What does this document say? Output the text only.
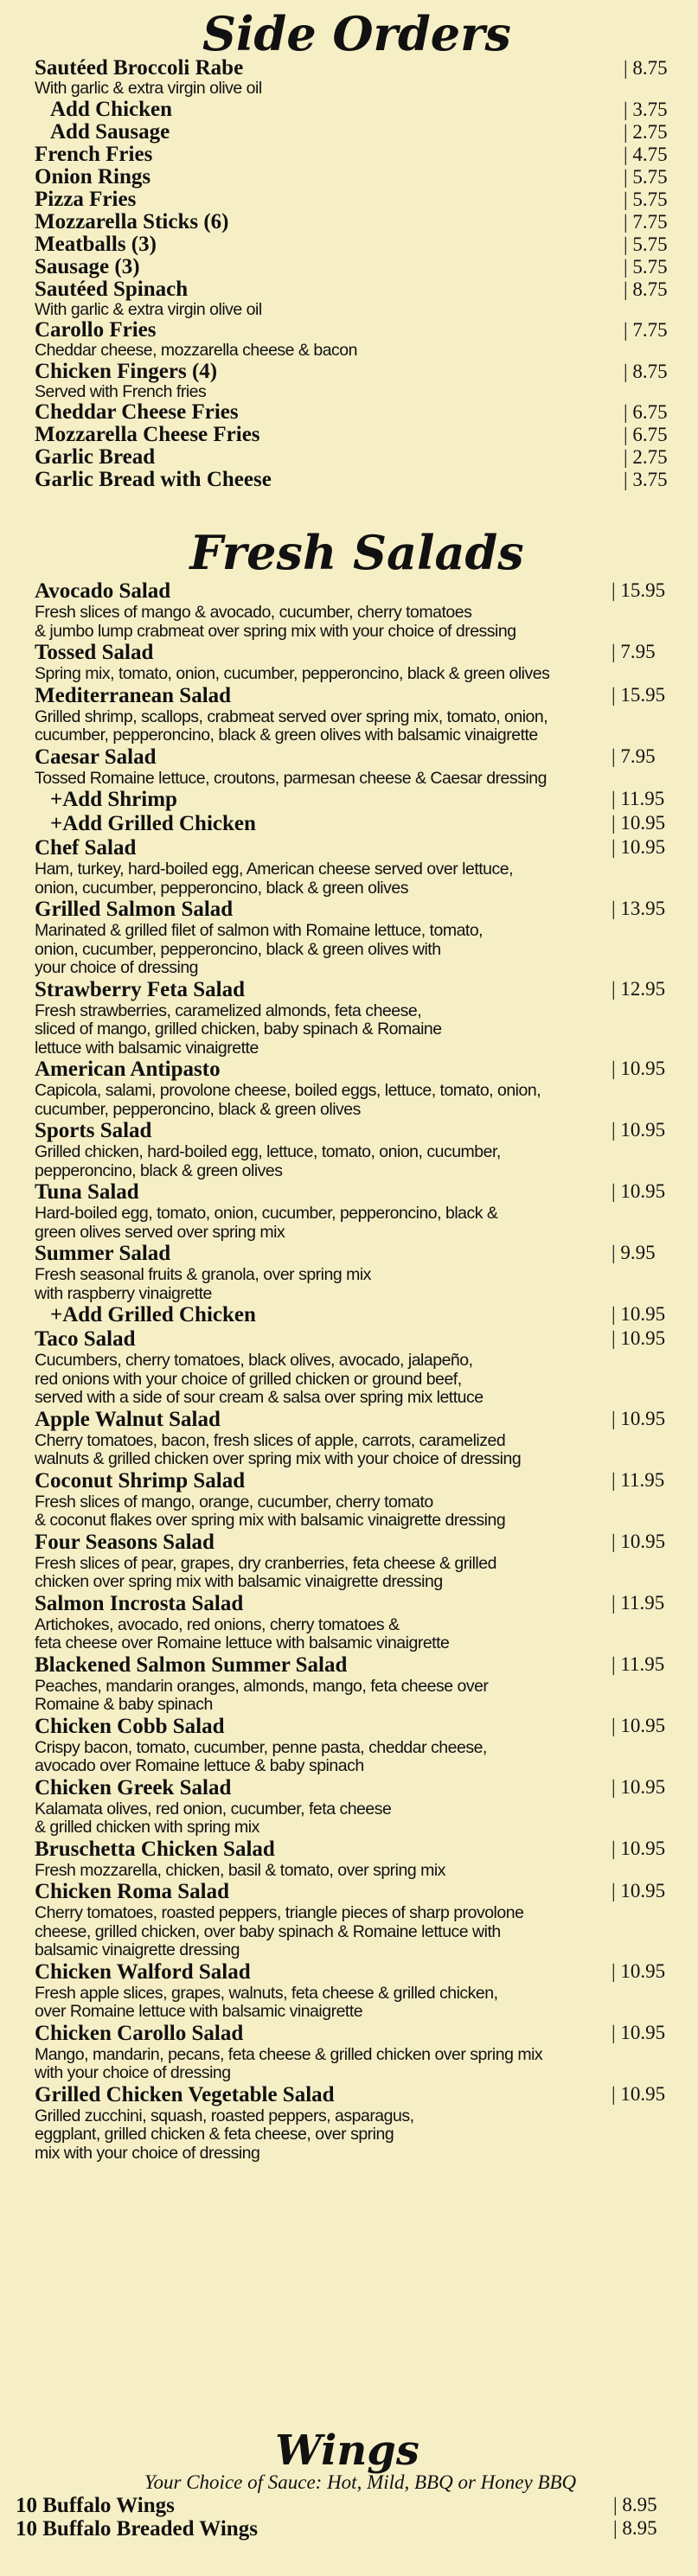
Side Orders
Sautéed Broccoli Rabe	| 8.75
With garlic & extra virgin olive oil
Add Chicken	| 3.75
Add Sausage	| 2.75
French Fries	| 4.75
Onion Rings	| 5.75
Pizza Fries	| 5.75
Mozzarella Sticks (6)	| 7.75
Meatballs (3)	| 5.75
Sausage (3)	| 5.75
Sautéed Spinach	| 8.75
With garlic & extra virgin olive oil
Carollo Fries	| 7.75
Cheddar cheese, mozzarella cheese & bacon
Chicken Fingers (4)	| 8.75
Served with French fries
Cheddar Cheese Fries	| 6.75
Mozzarella Cheese Fries	| 6.75
Garlic Bread	| 2.75
Garlic Bread with Cheese	| 3.75
Fresh Salads
Avocado Salad	| 15.95
Fresh slices of mango & avocado, cucumber, cherry tomatoes
& jumbo lump crabmeat over spring mix with your choice of dressing
Tossed Salad	| 7.95
Spring mix, tomato, onion, cucumber, pepperoncino, black & green olives
Mediterranean Salad	| 15.95
Grilled shrimp, scallops, crabmeat served over spring mix, tomato, onion,
cucumber, pepperoncino, black & green olives with balsamic vinaigrette
Caesar Salad	| 7.95
Tossed Romaine lettuce, croutons, parmesan cheese & Caesar dressing
+Add Shrimp	| 11.95
+Add Grilled Chicken	| 10.95
Chef Salad	| 10.95
Ham, turkey, hard-boiled egg, American cheese served over lettuce,
onion, cucumber, pepperoncino, black & green olives
Grilled Salmon Salad	| 13.95
Marinated & grilled filet of salmon with Romaine lettuce, tomato,
onion, cucumber, pepperoncino, black & green olives with
your choice of dressing
Strawberry Feta Salad	| 12.95
Fresh strawberries, caramelized almonds, feta cheese,
sliced of mango, grilled chicken, baby spinach & Romaine
lettuce with balsamic vinaigrette
American Antipasto	| 10.95
Capicola, salami, provolone cheese, boiled eggs, lettuce, tomato, onion,
cucumber, pepperoncino, black & green olives
Sports Salad	| 10.95
Grilled chicken, hard-boiled egg, lettuce, tomato, onion, cucumber,
pepperoncino, black & green olives
Tuna Salad	| 10.95
Hard-boiled egg, tomato, onion, cucumber, pepperoncino, black &
green olives served over spring mix
Summer Salad	| 9.95
Fresh seasonal fruits & granola, over spring mix
with raspberry vinaigrette
+Add Grilled Chicken	| 10.95
Taco Salad	| 10.95
Cucumbers, cherry tomatoes, black olives, avocado, jalapeño,
red onions with your choice of grilled chicken or ground beef,
served with a side of sour cream & salsa over spring mix lettuce
Apple Walnut Salad	| 10.95
Cherry tomatoes, bacon, fresh slices of apple, carrots, caramelized
walnuts & grilled chicken over spring mix with your choice of dressing
Coconut Shrimp Salad	| 11.95
Fresh slices of mango, orange, cucumber, cherry tomato
& coconut flakes over spring mix with balsamic vinaigrette dressing
Four Seasons Salad	| 10.95
Fresh slices of pear, grapes, dry cranberries, feta cheese & grilled
chicken over spring mix with balsamic vinaigrette dressing
Salmon Incrosta Salad	| 11.95
Artichokes, avocado, red onions, cherry tomatoes &
feta cheese over Romaine lettuce with balsamic vinaigrette
Blackened Salmon Summer Salad	| 11.95
Peaches, mandarin oranges, almonds, mango, feta cheese over
Romaine & baby spinach
Chicken Cobb Salad	| 10.95
Crispy bacon, tomato, cucumber, penne pasta, cheddar cheese,
avocado over Romaine lettuce & baby spinach
Chicken Greek Salad	| 10.95
Kalamata olives, red onion, cucumber, feta cheese
& grilled chicken with spring mix
Bruschetta Chicken Salad	| 10.95
Fresh mozzarella, chicken, basil & tomato, over spring mix
Chicken Roma Salad	| 10.95
Cherry tomatoes, roasted peppers, triangle pieces of sharp provolone
cheese, grilled chicken, over baby spinach & Romaine lettuce with
balsamic vinaigrette dressing
Chicken Walford Salad	| 10.95
Fresh apple slices, grapes, walnuts, feta cheese & grilled chicken,
over Romaine lettuce with balsamic vinaigrette
Chicken Carollo Salad	| 10.95
Mango, mandarin, pecans, feta cheese & grilled chicken over spring mix
with your choice of dressing
Grilled Chicken Vegetable Salad	| 10.95
Grilled zucchini, squash, roasted peppers, asparagus,
eggplant, grilled chicken & feta cheese, over spring
mix with your choice of dressing
Wings
Your Choice of Sauce: Hot, Mild, BBQ or Honey BBQ
10 Buffalo Wings	| 8.95
10 Buffalo Breaded Wings	| 8.95
